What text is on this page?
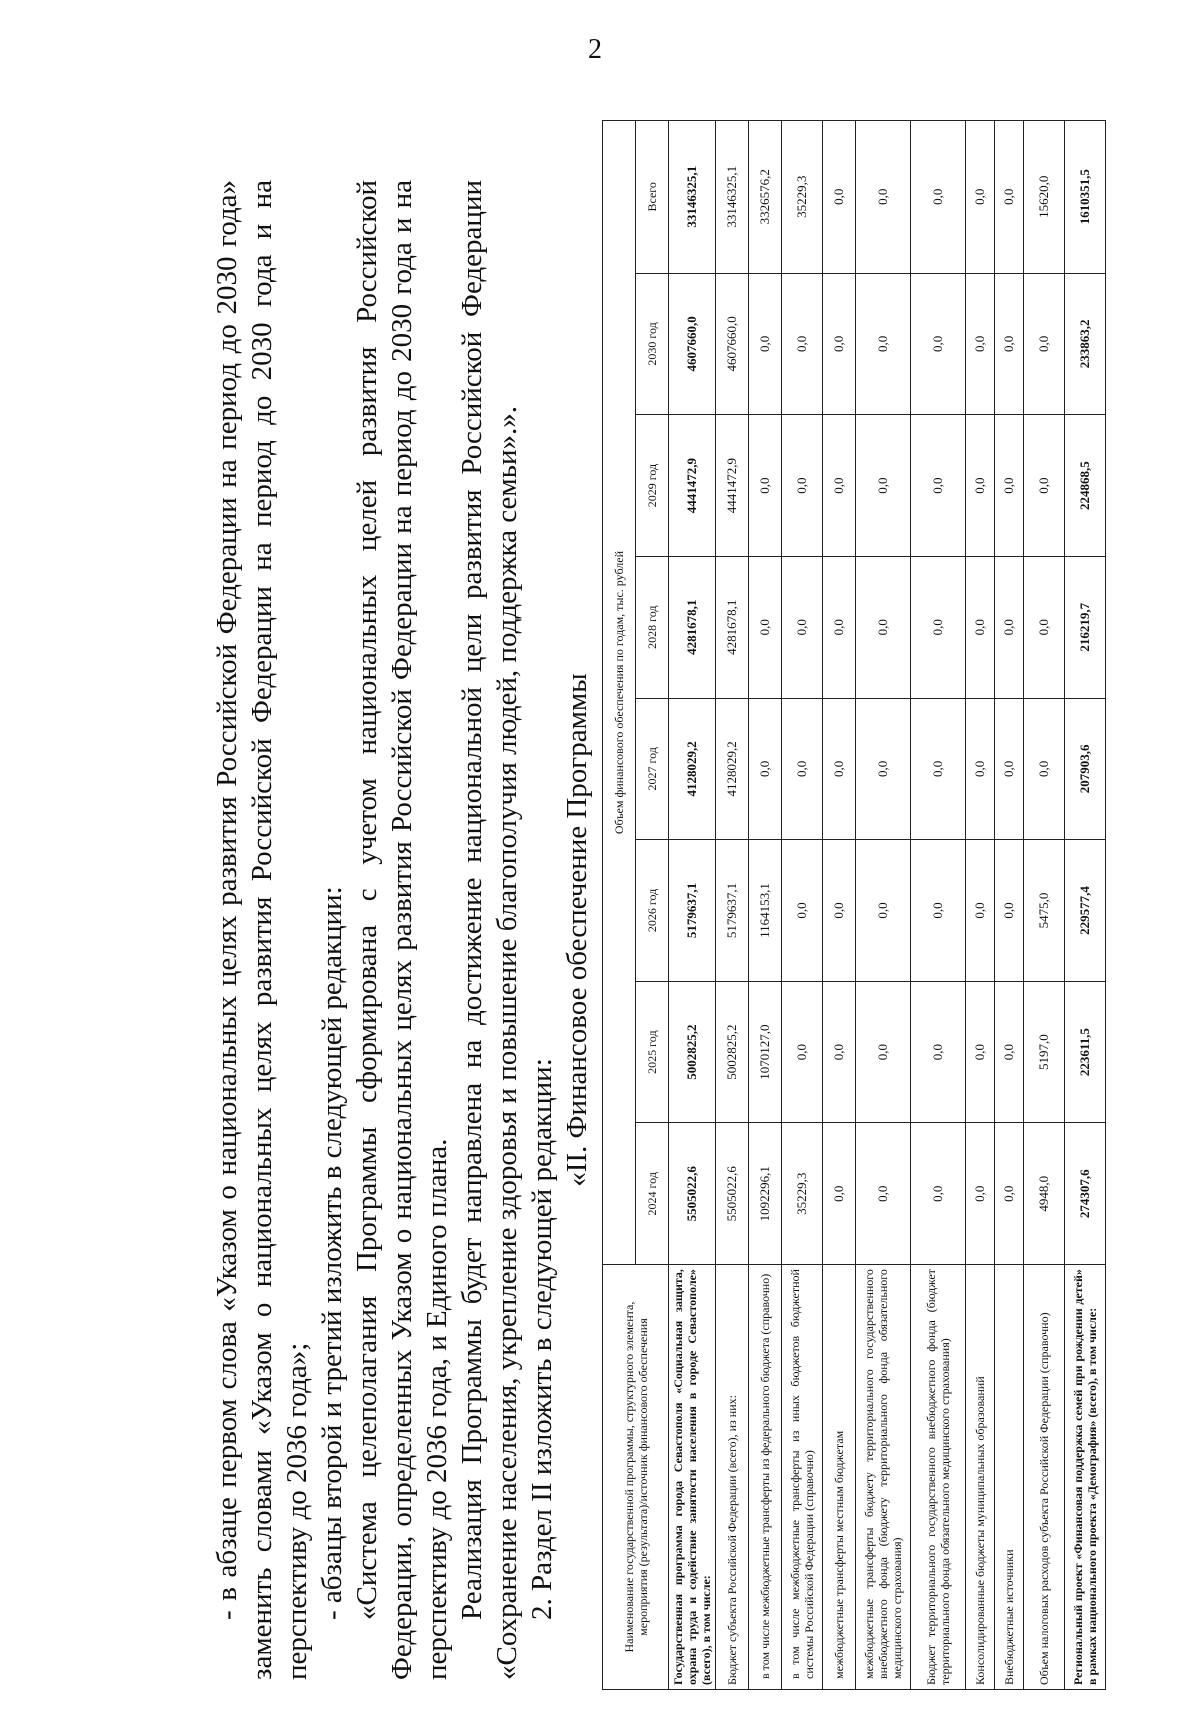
2

- в абзаце первом слова «Указом о национальных целях развития Российской Федерации на период до 2030 года» заменить словами «Указом о национальных целях развития Российской Федерации на период до 2030 года и на перспективу до 2036 года»; - абзацы второй и третий изложить в следующей редакции: «Система целеполагания Программы сформирована с учетом национальных целей развития Российской Федерации, определенных Указом о национальных целях развития Российской Федерации на период до 2030 года и на перспективу до 2036 года, и Единого плана. Реализация Программы будет направлена на достижение национальной цели развития Российской Федерации «Сохранение населения, укрепление здоровья и повышение благополучия людей, поддержка семьи».». 2. Раздел II изложить в следующей редакции:

«II. Финансовое обеспечение Программы

Наименование государственной программы, структурного элемента, мероприятия (результата)/источник финансового обеспечения	Объем финансового обеспечения по годам, тыс. рублей							
	2024 год	2025 год	2026 год	2027 год	2028 год	2029 год	2030 год	Всего
Государственная программа города Севастополя «Социальная защита, охрана труда и содействие занятости населения в городе Севастополе» (всего), в том числе:	5505022,6	5002825,2	5179637,1	4128029,2	4281678,1	4441472,9	4607660,0	33146325,1
Бюджет субъекта Российской Федерации (всего), из них:	5505022,6	5002825,2	5179637,1	4128029,2	4281678,1	4441472,9	4607660,0	33146325,1
в том числе межбюджетные трансферты из федерального бюджета (справочно)	1092296,1	1070127,0	1164153,1	0,0	0,0	0,0	0,0	3326576,2
в том числе межбюджетные трансферты из иных бюджетов бюджетной системы Российской Федерации (справочно)	35229,3	0,0	0,0	0,0	0,0	0,0	0,0	35229,3
межбюджетные трансферты местным бюджетам	0,0	0,0	0,0	0,0	0,0	0,0	0,0	0,0
межбюджетные трансферты бюджету территориального государственного внебюджетного фонда (бюджету территориального фонда обязательного медицинского страхования)	0,0	0,0	0,0	0,0	0,0	0,0	0,0	0,0
Бюджет территориального государственного внебюджетного фонда (бюджет территориального фонда обязательного медицинского страхования)	0,0	0,0	0,0	0,0	0,0	0,0	0,0	0,0
Консолидированные бюджеты муниципальных образований	0,0	0,0	0,0	0,0	0,0	0,0	0,0	0,0
Внебюджетные источники	0,0	0,0	0,0	0,0	0,0	0,0	0,0	0,0
Объем налоговых расходов субъекта Российской Федерации (справочно)	4948,0	5197,0	5475,0	0,0	0,0	0,0	0,0	15620,0
Региональный проект «Финансовая поддержка семей при рождении детей» в рамках национального проекта «Демография» (всего), в том числе:	274307,6	223611,5	229577,4	207903,6	216219,7	224868,5	233863,2	1610351,5
